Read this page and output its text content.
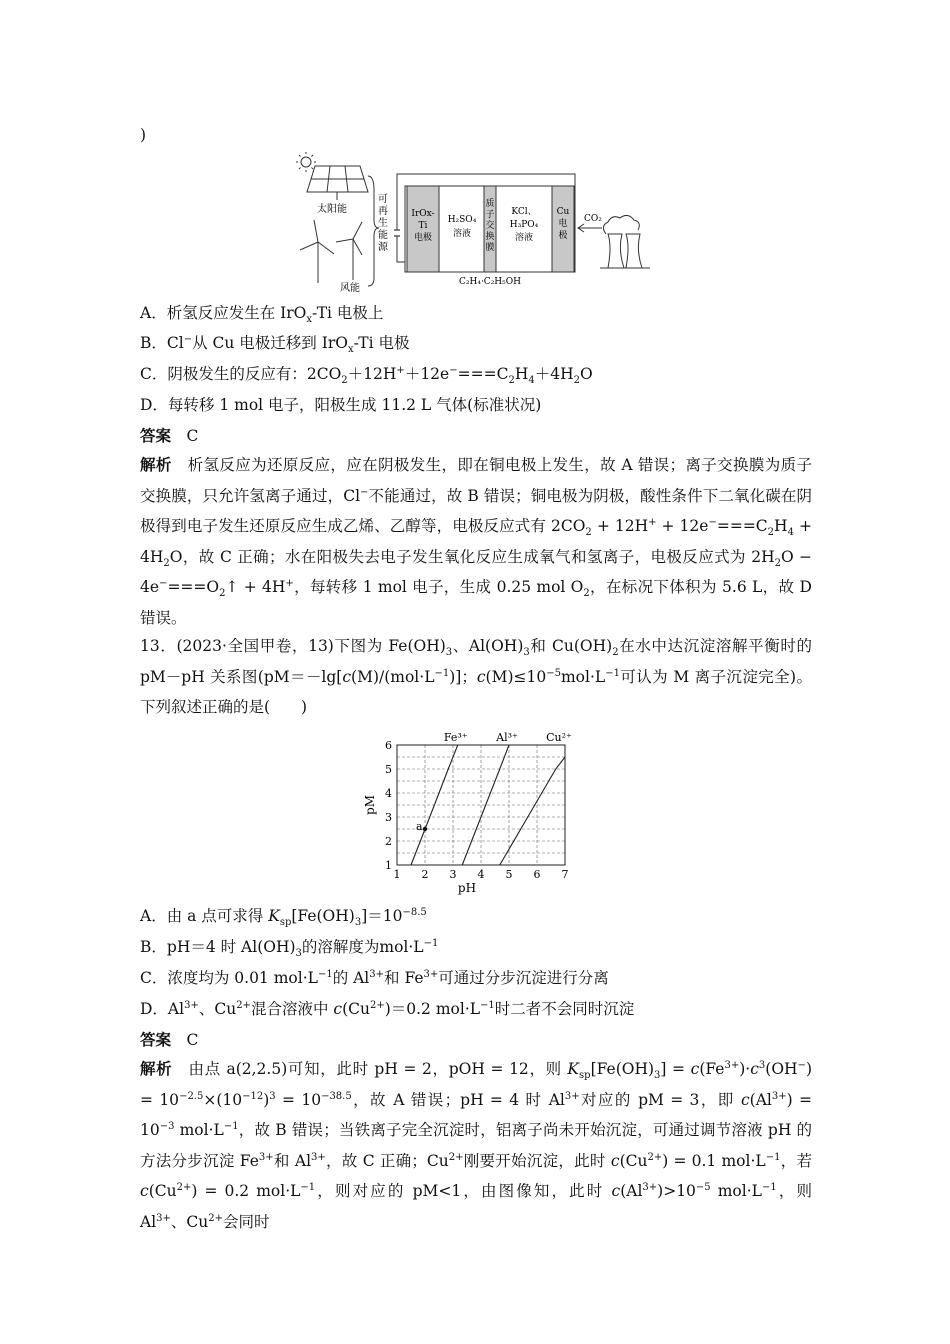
)
太阳能
风能
可
再
生
能
源
IrOx-
Ti
电极
H₂SO₄
溶液
质
子
交
换
膜
KCl、
H₃PO₄
溶液
Cu
电
极
CO₂
C₂H₄·C₂H₅OH
A．析氢反应发生在 IrO$_x$-Ti 电极上
B．Cl−从 Cu 电极迁移到 IrO$_x$-Ti 电极
C．阴极发生的反应有：$2CO_2+12H^++12e^-===C_2H_4+4H_2O$
D．每转移 1 mol 电子，阳极生成 11.2 L 气体(标准状况)
答案　 C
解析　析氢反应为还原反应，应在阴极发生，即在铜电极上发生，故 A 错误；离子交换膜为质子交换膜，只允许氢离子通过，Cl−不能通过，故 B 错误；铜电极为阴极，酸性条件下二氧化碳在阴极得到电子发生还原反应生成乙烯、乙醇等，电极反应式有 $2CO_2 + 12H^+ + 12e^-===C_2H_4 + 4H_2O$，故 C 正确；水在阳极失去电子发生氧化反应生成氧气和氢离子，电极反应式为 $2H_2O$ − $4e^-===O_2↑ + 4H^+$，每转移 1 mol 电子，生成 0.25 mol $O_2$，在标况下体积为 5.6 L，故 D 错误。
13．(2023·全国甲卷，13)下图为 $Fe(OH)_3$、$Al(OH)_3$和 $Cu(OH)_2$在水中达沉淀溶解平衡时的pM－pH 关系图($pM=-\lg[c(M)/(mol\cdot L^{-1})]$；$c(M)\le 10^{-5}mol\cdot L^{-1}$可认为 M 离子沉淀完全)。下列叙述正确的是(　　)
1 2 3 4 5 6 7
1
2
3
4
5
6
pH
pM
Fe³⁺	Al³⁺	Cu²⁺
a
A．由 a 点可求得 $K_{sp}[Fe(OH)_3]=10^{-8.5}$
B．pH＝4 时 $Al(OH)_3$的溶解度为$mol\cdot L^{-1}$
C．浓度均为 0.01 $mol\cdot L^{-1}$的 $Al^{3+}$和 $Fe^{3+}$可通过分步沉淀进行分离
D．$Al^{3+}$、$Cu^{2+}$混合溶液中 $c(Cu^{2+})=0.2$ $mol\cdot L^{-1}$时二者不会同时沉淀
答案　 C
解析　由点 a(2,2.5)可知，此时 pH = 2，pOH = 12，则 $K_{sp}[Fe(OH)_3] = c(Fe^{3+})\cdot c^3(OH^-) = 10^{-2.5}\times(10^{-12})^3 = 10^{-38.5}$，故 A 错误；pH = 4 时 $Al^{3+}$对应的 pM = 3，即 $c(Al^{3+}) = 10^{-3}$ $mol\cdot L^{-1}$，故 B 错误；当铁离子完全沉淀时，铝离子尚未开始沉淀，可通过调节溶液 pH 的方法分步沉淀 $Fe^{3+}$和 $Al^{3+}$，故 C 正确；$Cu^{2+}$刚要开始沉淀，此时 $c(Cu^{2+}) = 0.1$ $mol\cdot L^{-1}$，若 $c(Cu^{2+}) = 0.2$ $mol\cdot L^{-1}$，则对应的 pM<1，由图像知，此时 $c(Al^{3+})>10^{-5}$ $mol\cdot L^{-1}$，则 $Al^{3+}$、$Cu^{2+}$会同时
